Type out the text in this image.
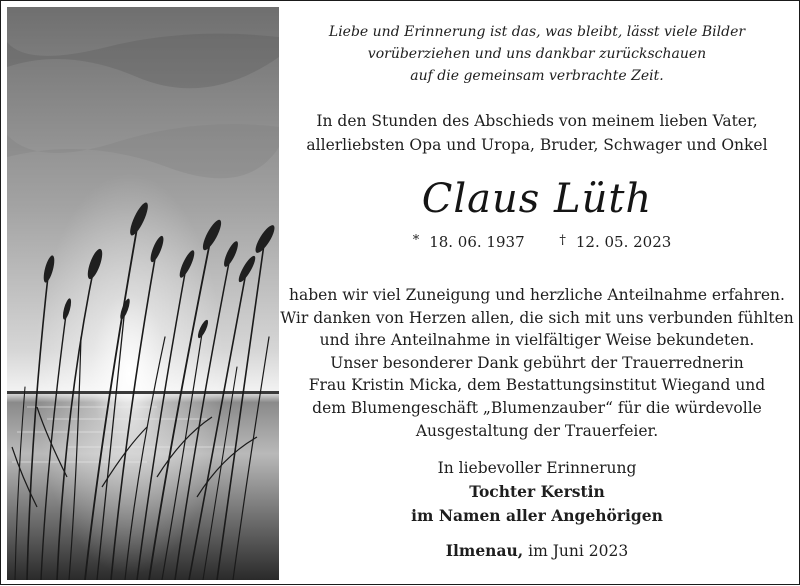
Liebe und Erinnerung ist das, was bleibt, lässt viele Bilder
vorüberziehen und uns dankbar zurückschauen
auf die gemeinsam verbrachte Zeit.
In den Stunden des Abschieds von meinem lieben Vater,
allerliebsten Opa und Uropa, Bruder, Schwager und Onkel
Claus Lüth
* 18. 06. 1937	† 12. 05. 2023
haben wir viel Zuneigung und herzliche Anteilnahme erfahren.
Wir danken von Herzen allen, die sich mit uns verbunden fühlten
und ihre Anteilnahme in vielfältiger Weise bekundeten.
Unser besonderer Dank gebührt der Trauerrednerin
Frau Kristin Micka, dem Bestattungsinstitut Wiegand und
dem Blumengeschäft „Blumenzauber“ für die würdevolle
Ausgestaltung der Trauerfeier.
In liebevoller Erinnerung
Tochter Kerstin
im Namen aller Angehörigen
Ilmenau, im Juni 2023
